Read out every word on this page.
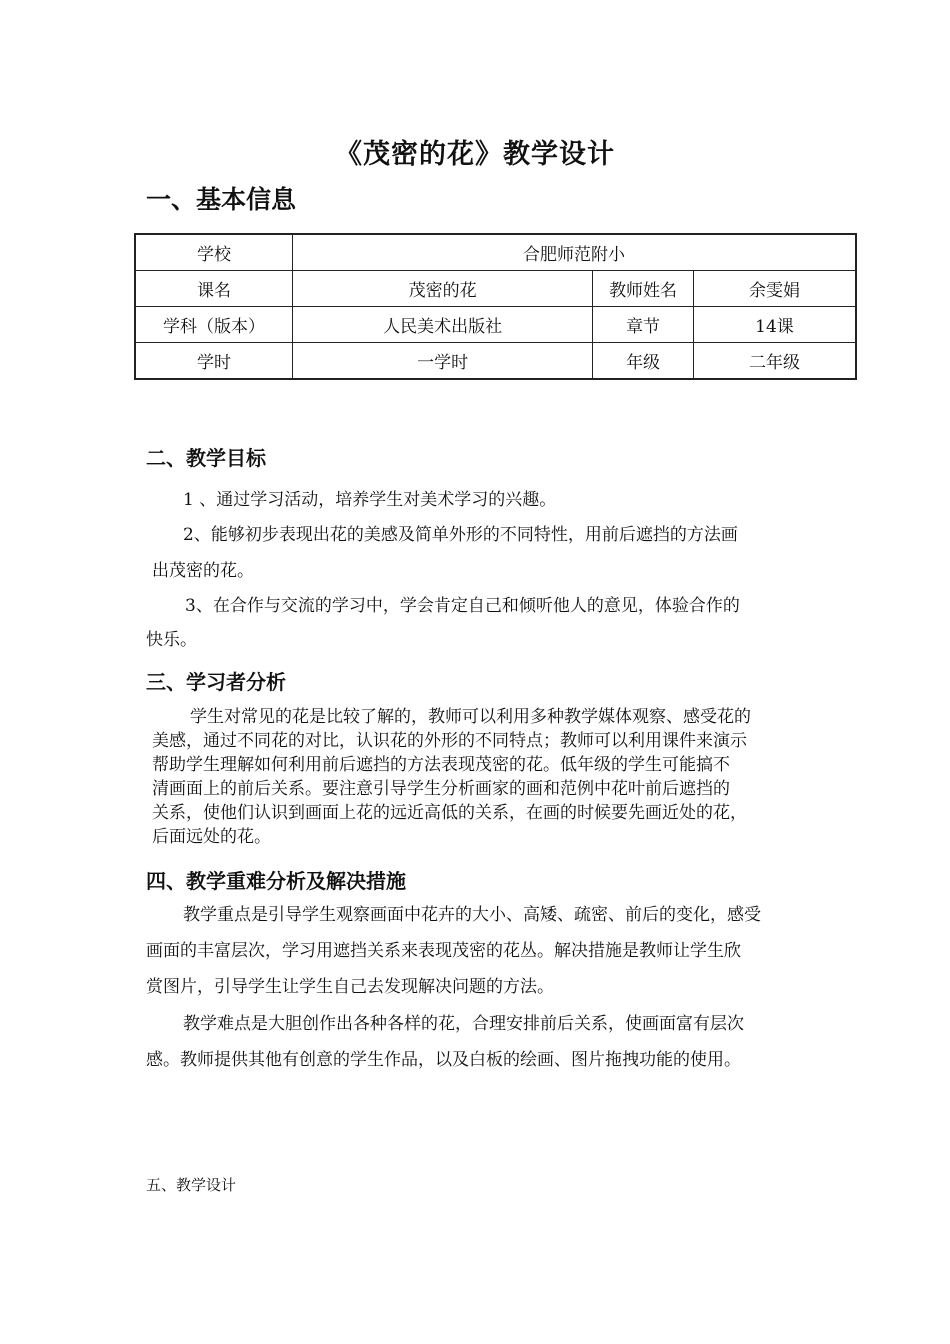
《茂密的花》教学设计
一、基本信息
学校	合肥师范附小		
课名	茂密的花	教师姓名	余雯娟
学科（版本）	人民美术出版社	章节	14课
学时	一学时	年级	二年级
二、教学目标
1 、通过学习活动，培养学生对美术学习的兴趣。
2、能够初步表现出花的美感及简单外形的不同特性，用前后遮挡的方法画
出茂密的花。
3、在合作与交流的学习中，学会肯定自己和倾听他人的意见，体验合作的
快乐。
三、学习者分析
学生对常见的花是比较了解的，教师可以利用多种教学媒体观察、感受花的
美感，通过不同花的对比，认识花的外形的不同特点；教师可以利用课件来演示
帮助学生理解如何利用前后遮挡的方法表现茂密的花。低年级的学生可能搞不
清画面上的前后关系。要注意引导学生分析画家的画和范例中花叶前后遮挡的
关系，使他们认识到画面上花的远近高低的关系，在画的时候要先画近处的花，
后面远处的花。
四、教学重难分析及解决措施
教学重点是引导学生观察画面中花卉的大小、高矮、疏密、前后的变化，感受
画面的丰富层次，学习用遮挡关系来表现茂密的花丛。解决措施是教师让学生欣
赏图片，引导学生让学生自己去发现解决问题的方法。
教学难点是大胆创作出各种各样的花，合理安排前后关系，使画面富有层次
感。教师提供其他有创意的学生作品，以及白板的绘画、图片拖拽功能的使用。
五、教学设计
